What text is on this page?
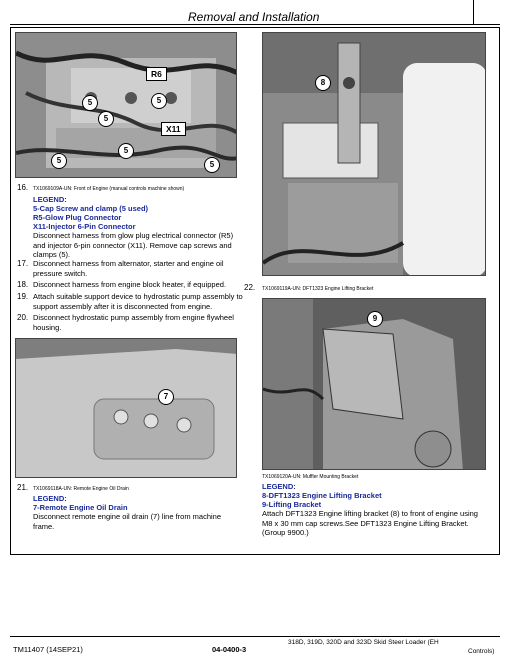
Removal and Installation
R6
X11
5	5
5
5
5	5
16. TX1069109A-UN: Front of Engine (manual controls machine shown)
LEGEND:
5-Cap Screw and clamp (5 used)
R5-Glow Plug Connector
X11-Injector 6-Pin Connector
Disconnect harness from glow plug electrical connector (R5) and injector 6-pin connector (X11). Remove cap screws and clamps (5).
17. Disconnect harness from alternator, starter and engine oil pressure switch.
18. Disconnect harness from engine block heater, if equipped.
19. Attach suitable support device to hydrostatic pump assembly to support assembly after it is disconnected from engine.
20. Disconnect hydrostatic pump assembly from engine flywheel housing.
7
21. TX1069118A-UN: Remote Engine Oil Drain
LEGEND:
7-Remote Engine Oil Drain
Disconnect remote engine oil drain (7) line from machine frame.
8
22. TX1069119A-UN: DFT1323 Engine Lifting Bracket
9
TX1069120A-UN: Muffler Mounting Bracket
LEGEND:
8-DFT1323 Engine Lifting Bracket
9-Lifting Bracket
Attach DFT1323 Engine lifting bracket (8) to front of engine using M8 x 30 mm cap screws.See DFT1323 Engine Lifting Bracket. (Group 9900.)
TM11407 (14SEP21)	04-0400-3
318D, 319D, 320D and 323D Skid Steer Loader (EH
Controls)
